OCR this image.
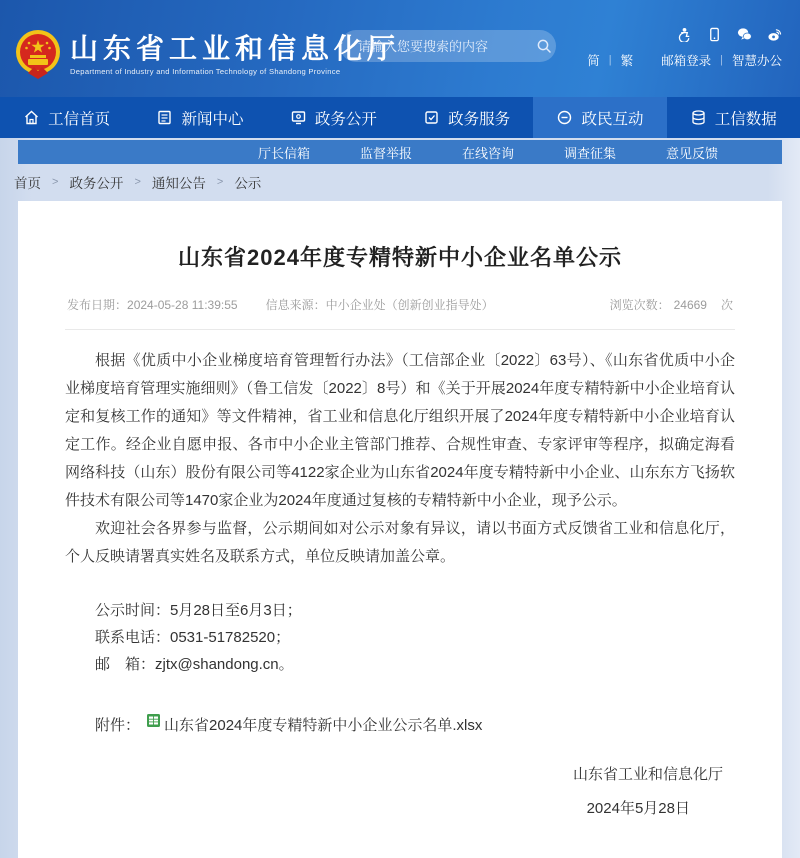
山东省工业和信息化厅
Department of Industry and Information Technology of Shandong Province
请输入您要搜索的内容
简 | 繁 邮箱登录 | 智慧办公
工信首页	新闻中心	政务公开	政务服务	政民互动	工信数据
厅长信箱	监督举报	在线咨询	调查征集	意见反馈
首页 > 政务公开 > 通知公告 > 公示
山东省2024年度专精特新中小企业名单公示
发布日期： 2024-05-28 11:39:55 信息来源： 中小企业处（创新创业指导处）	浏览次数： 24669 次

根据《优质中小企业梯度培育管理暂行办法》（工信部企业〔2022〕63号）、《山东省优质中小企业梯度培育管理实施细则》（鲁工信发〔2022〕8号）和《关于开展2024年度专精特新中小企业培育认定和复核工作的通知》等文件精神，省工业和信息化厅组织开展了2024年度专精特新中小企业培育认定工作。经企业自愿申报、各市中小企业主管部门推荐、合规性审查、专家评审等程序，拟确定海看网络科技（山东）股份有限公司等4122家企业为山东省2024年度专精特新中小企业、山东东方飞扬软件技术有限公司等1470家企业为2024年度通过复核的专精特新中小企业，现予公示。

欢迎社会各界参与监督，公示期间如对公示对象有异议，请以书面方式反馈省工业和信息化厅，个人反映请署真实姓名及联系方式，单位反映请加盖公章。

公示时间：5月28日至6月3日；

联系电话：0531-51782520；

邮　箱：zjtx@shandong.cn。

附件： 山东省2024年度专精特新中小企业公示名单.xlsx

山东省工业和信息化厅

2024年5月28日
